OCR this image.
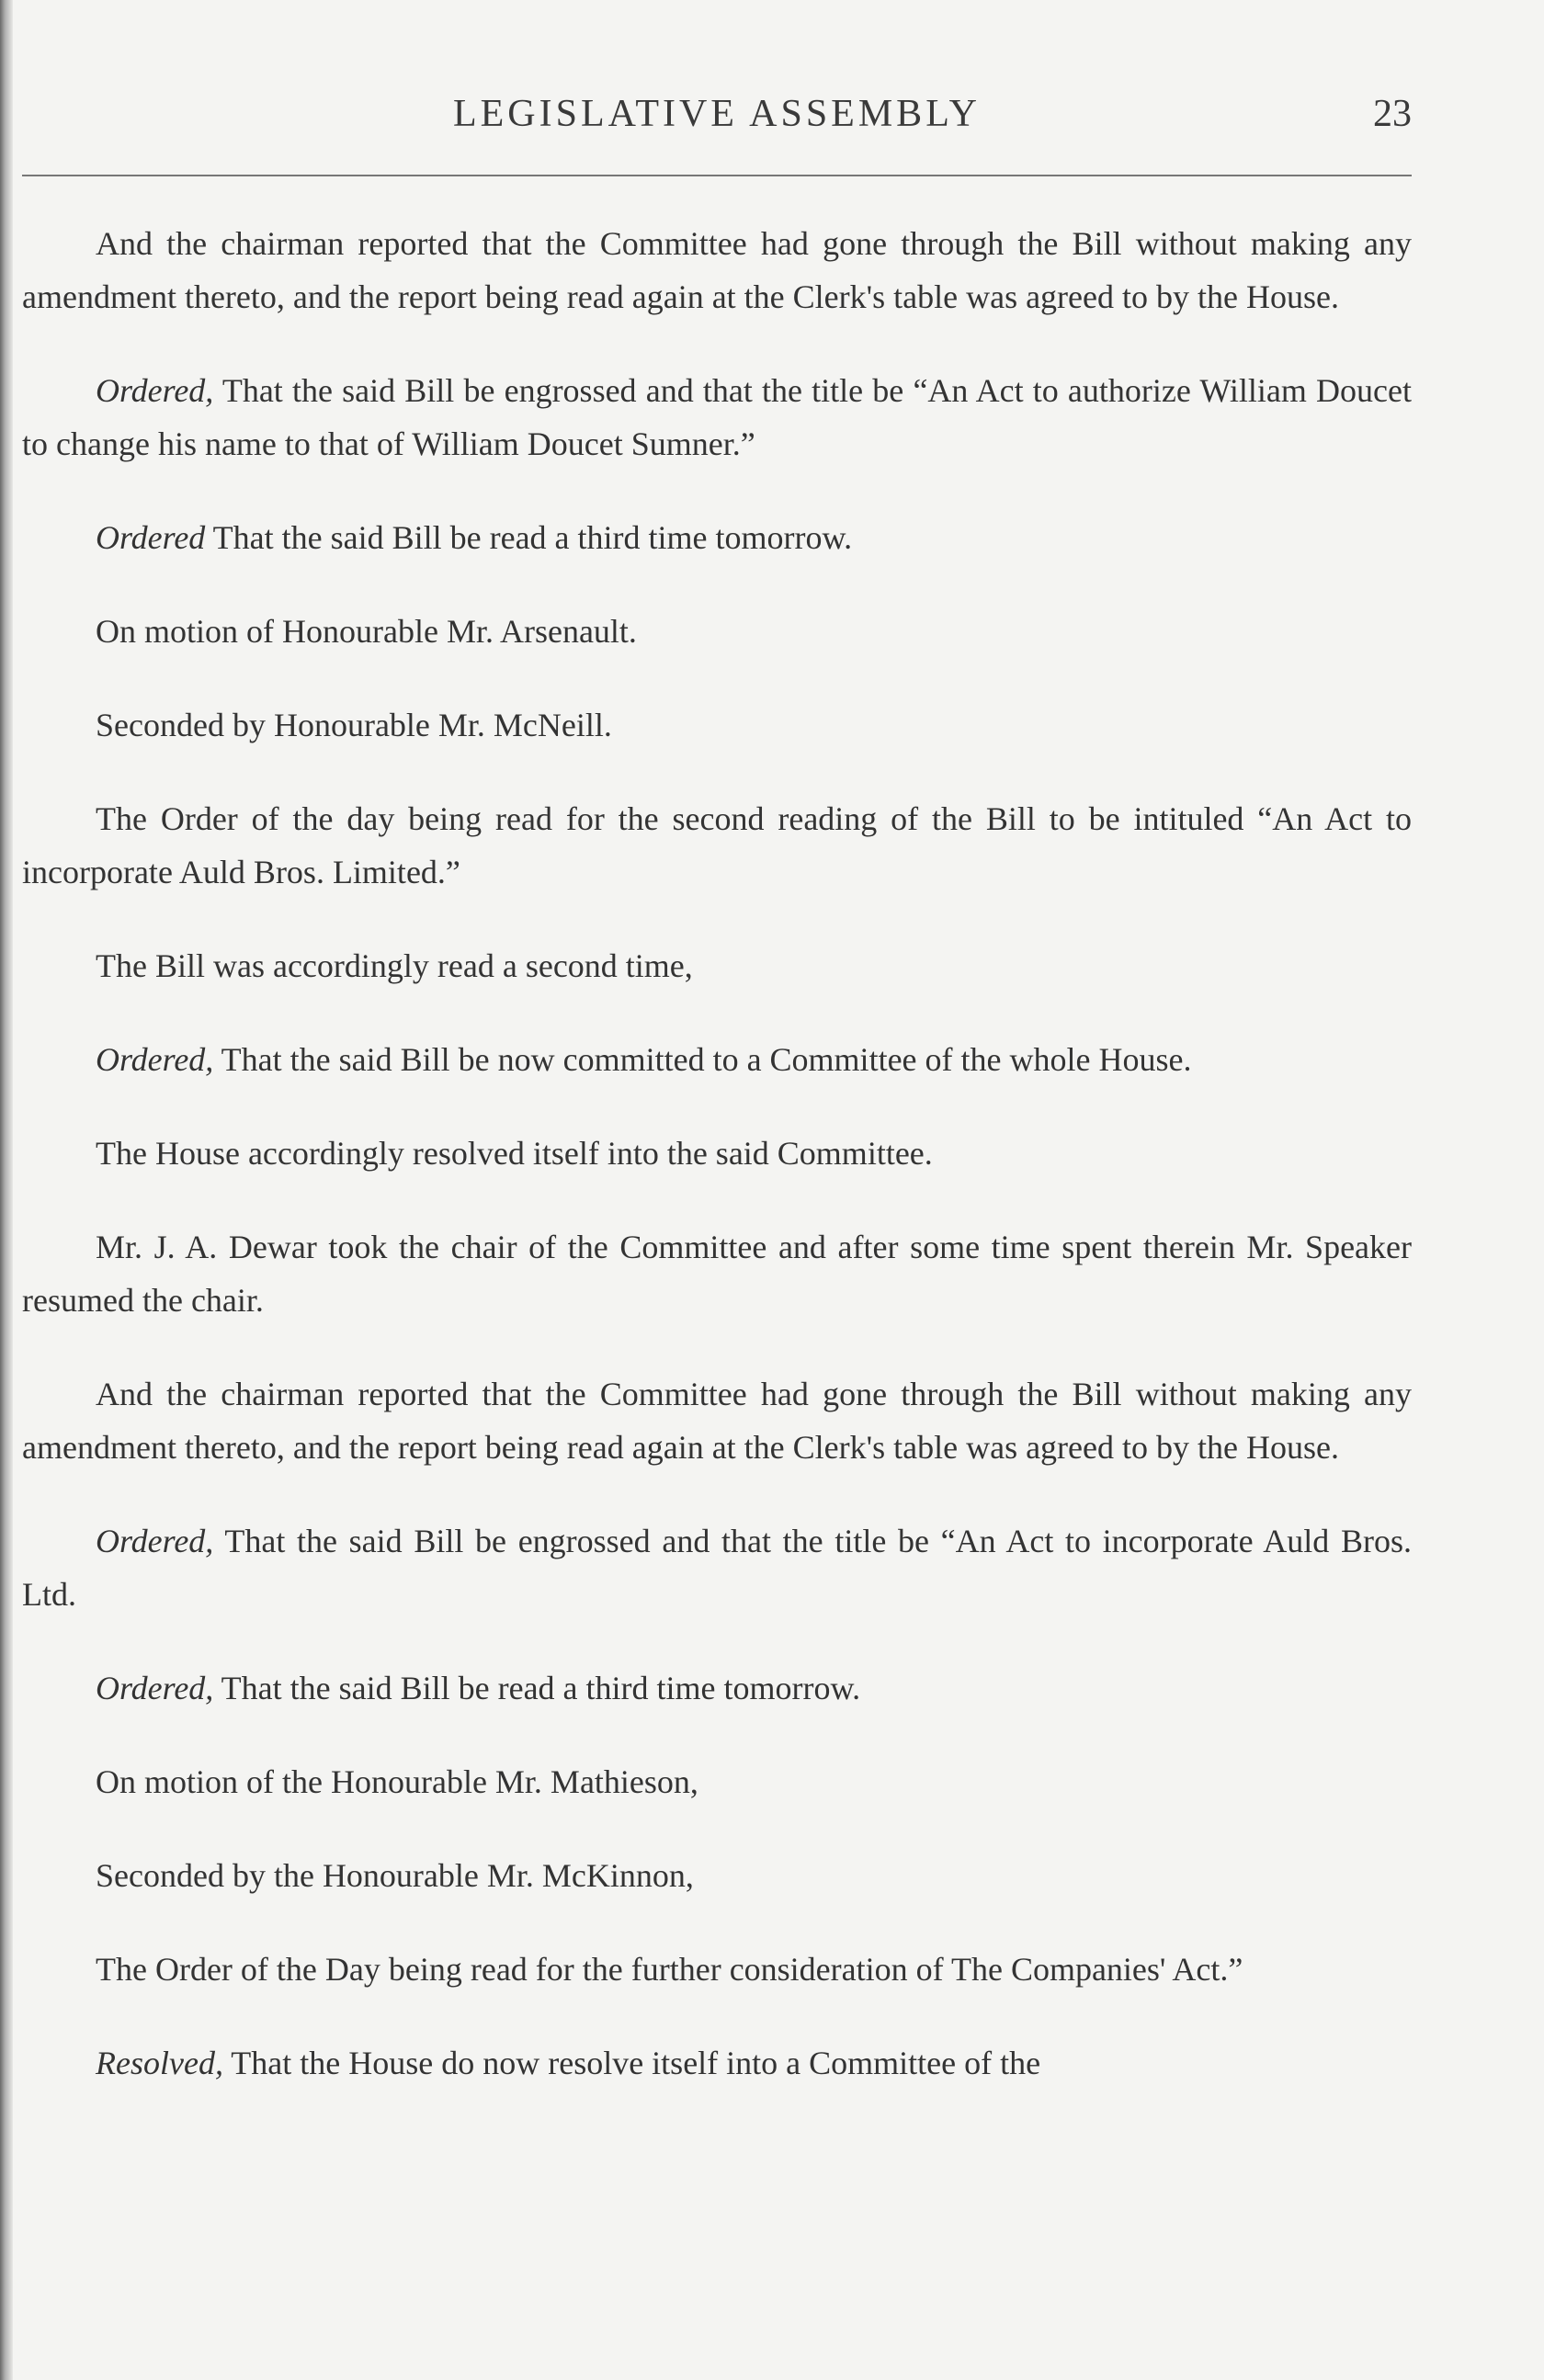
LEGISLATIVE ASSEMBLY	23

And the chairman reported that the Committee had gone through the Bill without making any amendment thereto, and the report being read again at the Clerk's table was agreed to by the House.

Ordered, That the said Bill be engrossed and that the title be “An Act to authorize William Doucet to change his name to that of William Doucet Sumner.”

Ordered That the said Bill be read a third time tomorrow.

On motion of Honourable Mr. Arsenault.

Seconded by Honourable Mr. McNeill.

The Order of the day being read for the second reading of the Bill to be intituled “An Act to incorporate Auld Bros. Limited.”

The Bill was accordingly read a second time,

Ordered, That the said Bill be now committed to a Committee of the whole House.

The House accordingly resolved itself into the said Committee.

Mr. J. A. Dewar took the chair of the Committee and after some time spent therein Mr. Speaker resumed the chair.

And the chairman reported that the Committee had gone through the Bill without making any amendment thereto, and the report being read again at the Clerk's table was agreed to by the House.

Ordered, That the said Bill be engrossed and that the title be “An Act to incorporate Auld Bros. Ltd.

Ordered, That the said Bill be read a third time tomorrow.

On motion of the Honourable Mr. Mathieson,

Seconded by the Honourable Mr. McKinnon,

The Order of the Day being read for the further consideration of The Companies' Act.”

Resolved, That the House do now resolve itself into a Committee of the
